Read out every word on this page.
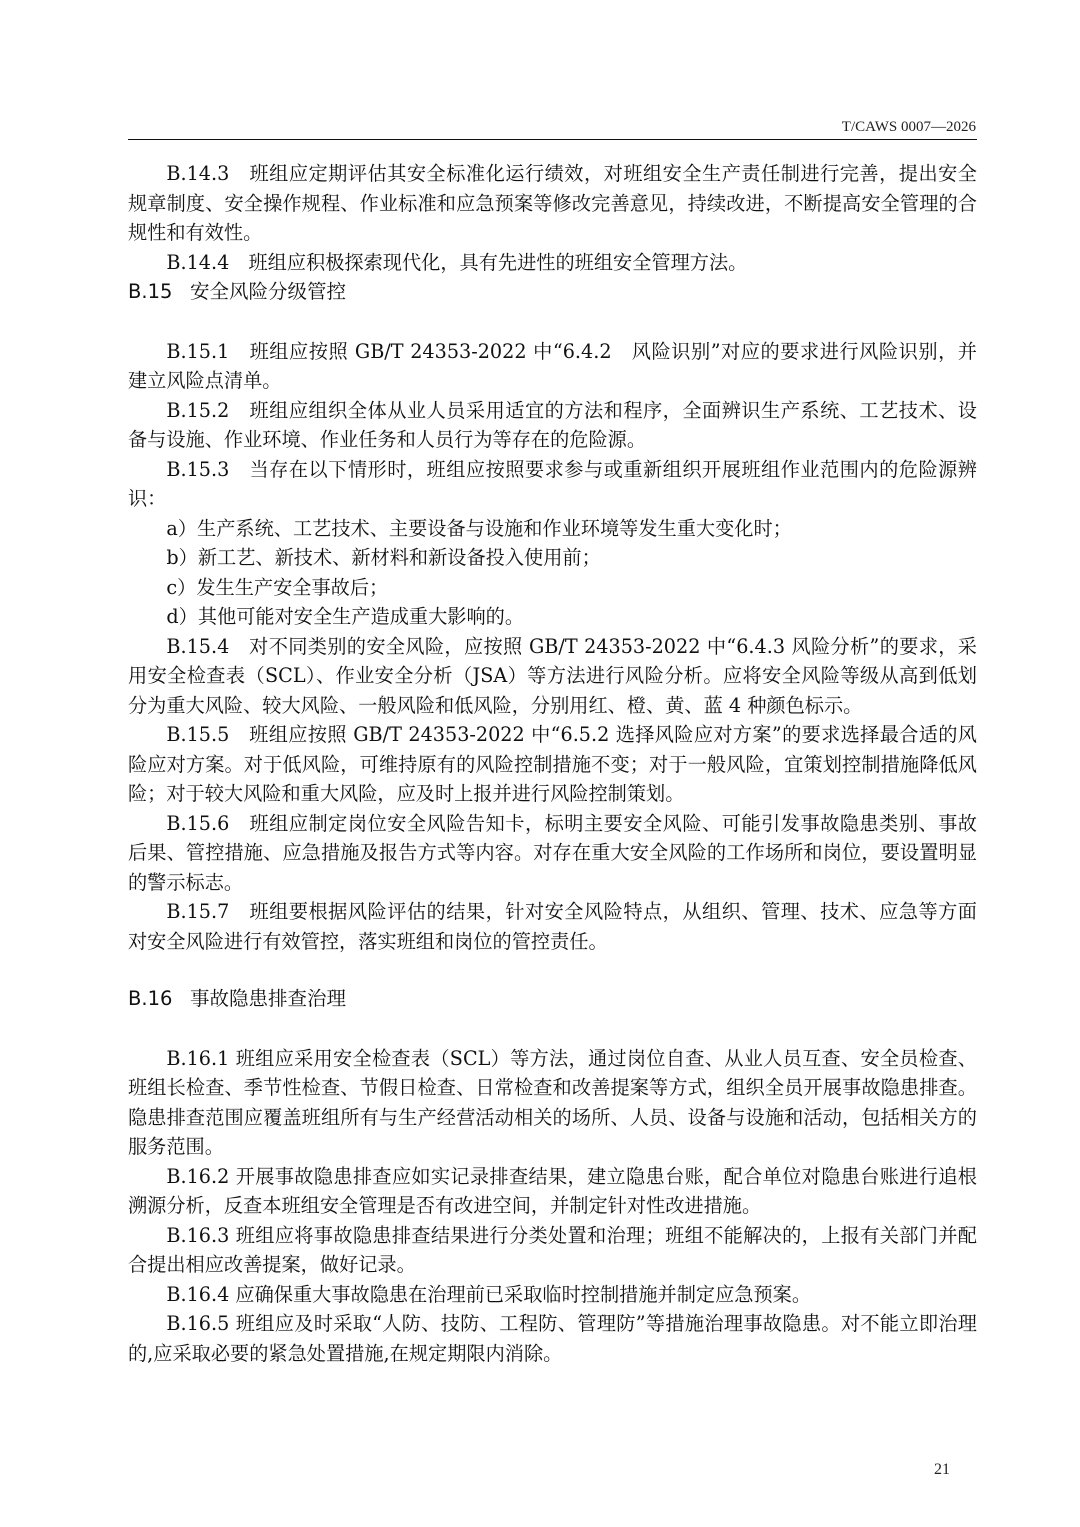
T/CAWS 0007—2026

B.14.3　班组应定期评估其安全标准化运行绩效，对班组安全生产责任制进行完善，提出安全规章制度、安全操作规程、作业标准和应急预案等修改完善意见，持续改进，不断提高安全管理的合规性和有效性。

B.14.4　班组应积极探索现代化，具有先进性的班组安全管理方法。

B.15 安全风险分级管控

B.15.1　班组应按照 GB/T 24353-2022 中“6.4.2　风险识别”对应的要求进行风险识别，并建立风险点清单。

B.15.2　班组应组织全体从业人员采用适宜的方法和程序，全面辨识生产系统、工艺技术、设备与设施、作业环境、作业任务和人员行为等存在的危险源。

B.15.3　当存在以下情形时，班组应按照要求参与或重新组织开展班组作业范围内的危险源辨识：

a）生产系统、工艺技术、主要设备与设施和作业环境等发生重大变化时；

b）新工艺、新技术、新材料和新设备投入使用前；

c）发生生产安全事故后；

d）其他可能对安全生产造成重大影响的。

B.15.4　对不同类别的安全风险，应按照 GB/T 24353-2022 中“6.4.3 风险分析”的要求，采用安全检查表（SCL）、作业安全分析（JSA）等方法进行风险分析。应将安全风险等级从高到低划分为重大风险、较大风险、一般风险和低风险，分别用红、橙、黄、蓝 4 种颜色标示。

B.15.5　班组应按照 GB/T 24353-2022 中“6.5.2 选择风险应对方案”的要求选择最合适的风险应对方案。对于低风险，可维持原有的风险控制措施不变；对于一般风险，宜策划控制措施降低风险；对于较大风险和重大风险，应及时上报并进行风险控制策划。

B.15.6　班组应制定岗位安全风险告知卡，标明主要安全风险、可能引发事故隐患类别、事故后果、管控措施、应急措施及报告方式等内容。对存在重大安全风险的工作场所和岗位，要设置明显的警示标志。

B.15.7　班组要根据风险评估的结果，针对安全风险特点，从组织、管理、技术、应急等方面对安全风险进行有效管控，落实班组和岗位的管控责任。

B.16 事故隐患排查治理

B.16.1 班组应采用安全检查表（SCL）等方法，通过岗位自查、从业人员互查、安全员检查、班组长检查、季节性检查、节假日检查、日常检查和改善提案等方式，组织全员开展事故隐患排查。隐患排查范围应覆盖班组所有与生产经营活动相关的场所、人员、设备与设施和活动，包括相关方的服务范围。

B.16.2 开展事故隐患排查应如实记录排查结果，建立隐患台账，配合单位对隐患台账进行追根溯源分析，反查本班组安全管理是否有改进空间，并制定针对性改进措施。

B.16.3 班组应将事故隐患排查结果进行分类处置和治理；班组不能解决的，上报有关部门并配合提出相应改善提案，做好记录。

B.16.4 应确保重大事故隐患在治理前已采取临时控制措施并制定应急预案。

B.16.5 班组应及时采取“人防、技防、工程防、管理防”等措施治理事故隐患。对不能立即治理的,应采取必要的紧急处置措施,在规定期限内消除。

21
